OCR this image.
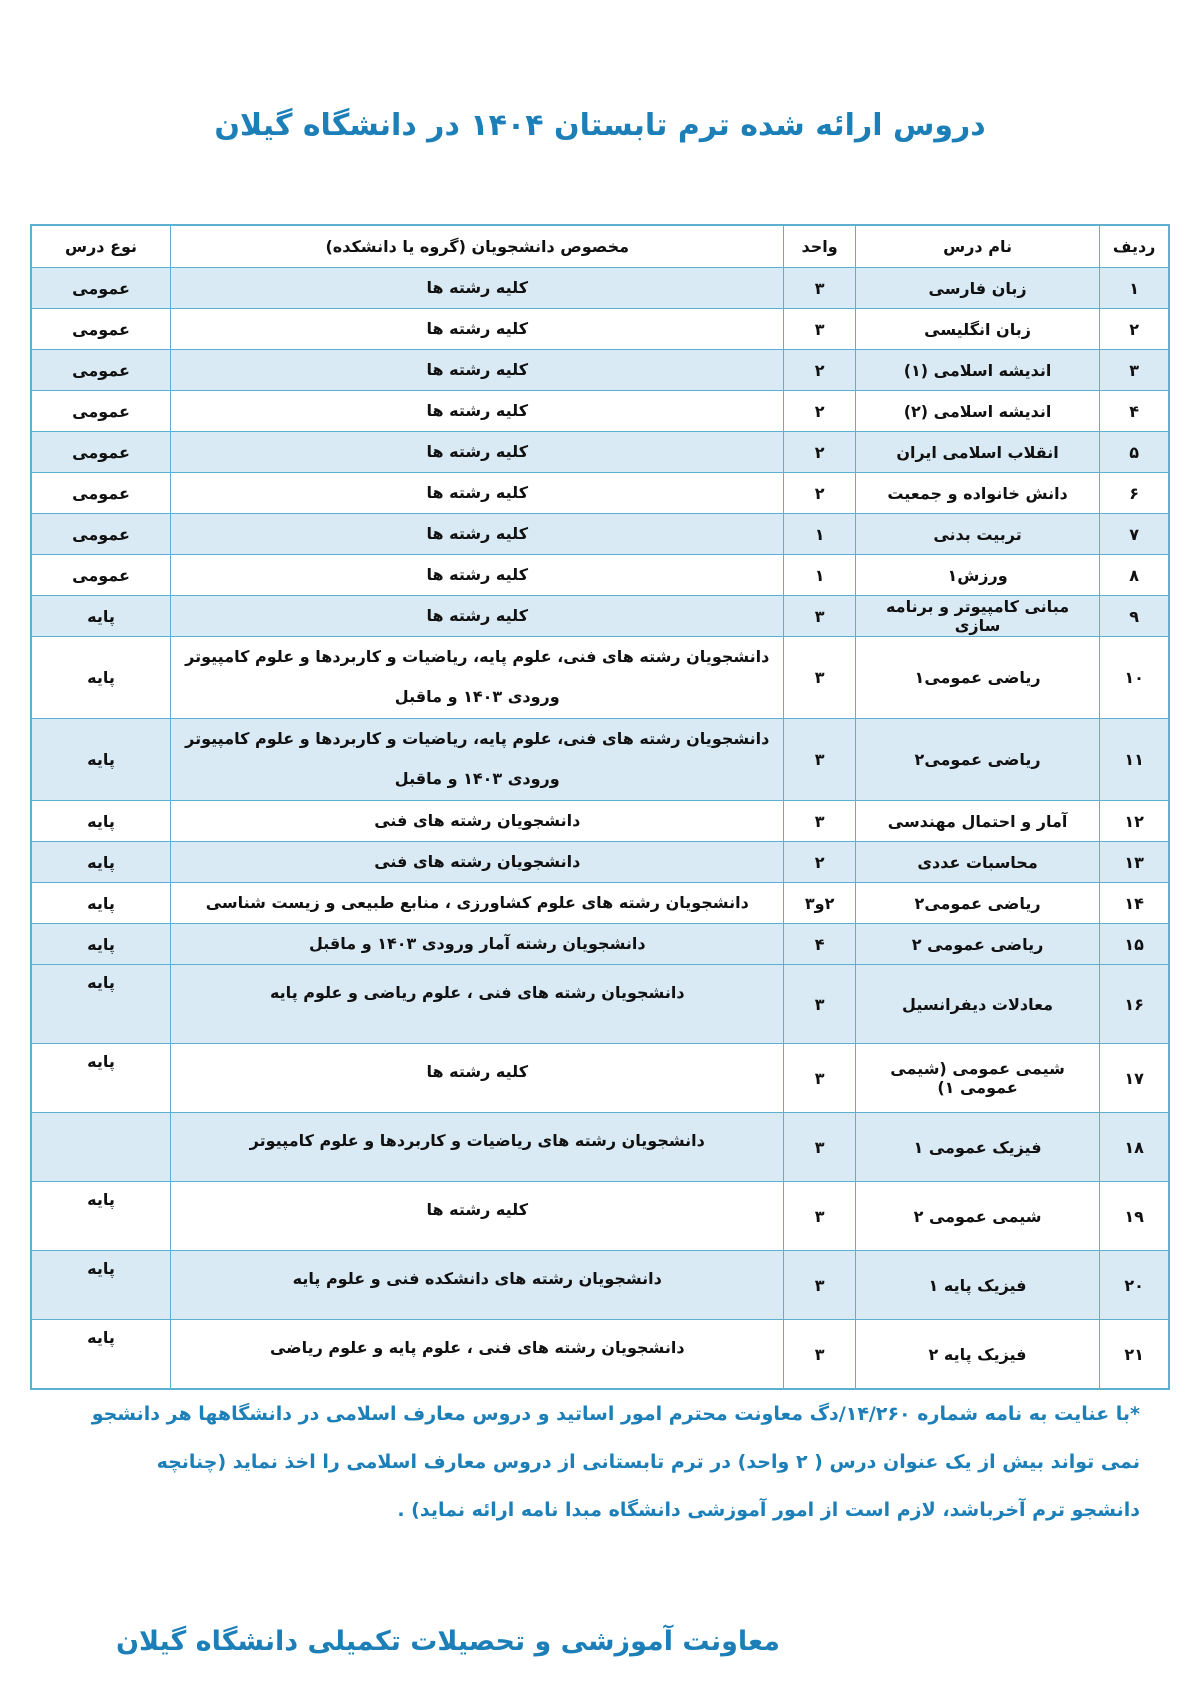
دروس ارائه شده ترم تابستان ۱۴۰۴ در دانشگاه گیلان
ردیف	نام درس	واحد	مخصوص دانشجویان (گروه یا دانشکده)	نوع درس
۱	زبان فارسی	۳	کلیه رشته ها	عمومی
۲	زبان انگلیسی	۳	کلیه رشته ها	عمومی
۳	اندیشه اسلامی (۱)	۲	کلیه رشته ها	عمومی
۴	اندیشه اسلامی (۲)	۲	کلیه رشته ها	عمومی
۵	انقلاب اسلامی ایران	۲	کلیه رشته ها	عمومی
۶	دانش خانواده و جمعیت	۲	کلیه رشته ها	عمومی
۷	تربیت بدنی	۱	کلیه رشته ها	عمومی
۸	ورزش۱	۱	کلیه رشته ها	عمومی
۹	مبانی کامپیوتر و برنامه سازی	۳	کلیه رشته ها	پایه
۱۰	ریاضی عمومی۱	۳	دانشجویان رشته های فنی، علوم پایه، ریاضیات و کاربردها و علوم کامپیوتر ورودی ۱۴۰۳ و ماقبل	پایه
۱۱	ریاضی عمومی۲	۳	دانشجویان رشته های فنی، علوم پایه، ریاضیات و کاربردها و علوم کامپیوتر ورودی ۱۴۰۳ و ماقبل	پایه
۱۲	آمار و احتمال مهندسی	۳	دانشجویان رشته های فنی	پایه
۱۳	محاسبات عددی	۲	دانشجویان رشته های فنی	پایه
۱۴	ریاضی عمومی۲	۲و۳	دانشجویان رشته های علوم کشاورزی ، منابع طبیعی و زیست شناسی	پایه
۱۵	ریاضی عمومی ۲	۴	دانشجویان رشته آمار ورودی ۱۴۰۳ و ماقبل	پایه
۱۶	معادلات دیفرانسیل	۳	دانشجویان رشته های فنی ، علوم ریاضی و علوم پایه	پایه
۱۷	شیمی عمومی (شیمی عمومی ۱)	۳	کلیه رشته ها	پایه
۱۸	فیزیک عمومی ۱	۳	دانشجویان رشته های ریاضیات و کاربردها و علوم کامپیوتر	
۱۹	شیمی عمومی ۲	۳	کلیه رشته ها	پایه
۲۰	فیزیک پایه ۱	۳	دانشجویان رشته های دانشکده فنی و علوم پایه	پایه
۲۱	فیزیک پایه ۲	۳	دانشجویان رشته های فنی ، علوم پایه و علوم ریاضی	پایه
*با عنایت به نامه شماره ۱۴/۲۶۰/دگ معاونت محترم امور اساتید و دروس معارف اسلامی در دانشگاهها هر دانشجو نمی تواند بیش از یک عنوان درس ( ۲ واحد) در ترم تابستانی از دروس معارف اسلامی را اخذ نماید (چنانچه دانشجو ترم آخرباشد، لازم است از امور آموزشی دانشگاه مبدا نامه ارائه نماید) .
معاونت آموزشی و تحصیلات تکمیلی دانشگاه گیلان
